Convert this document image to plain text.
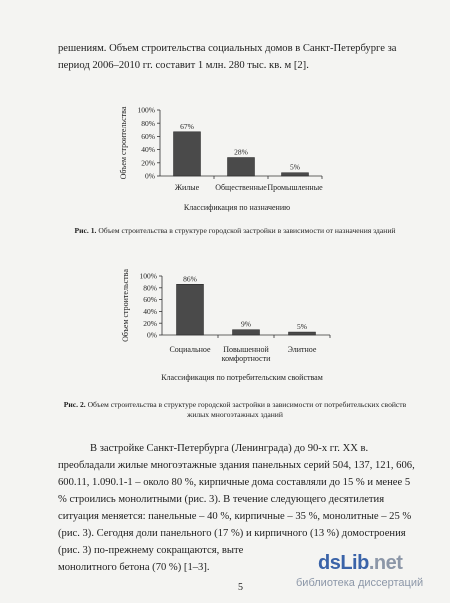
решениям. Объем строительства социальных домов в Санкт-Петербурге за
период 2006–2010 гг. составит 1 млн. 280 тыс. кв. м [2].
0%
20%
40%
60%
80%
100%
Объем строительства	67%
Жилые
28%
Общественные
5%
Промышленные
Классификация по назначению
Рис. 1. Объем строительства в структуре городской застройки в зависимости от назначения зданий
0%
20%
40%
60%
80%
100%
Объем строительства	86%
Социальное
9%
Повышенной
комфортности
5%
Элитное
Классификация по потребительским свойствам
Рис. 2. Объем строительства в структуре городской застройки в зависимости от потребительских свойств жилых многоэтажных зданий
В застройке Санкт-Петербурга (Ленинграда) до 90-х гг. XX в.
преобладали жилые многоэтажные здания панельных серий 504, 137, 121, 606,
600.11, 1.090.1-1 – около 80 %, кирпичные дома составляли до 15 % и менее 5
% строились монолитными (рис. 3). В течение следующего десятилетия
ситуация меняется: панельные – 40 %, кирпичные – 35 %, монолитные – 25 %
(рис. 3). Сегодня доли панельного (17 %) и кирпичного (13 %) домостроения
(рис. 3) по-прежнему сокращаются, выте
монолитного бетона (70 %) [1–3].
5
dsLib.net
библиотека диссертаций
